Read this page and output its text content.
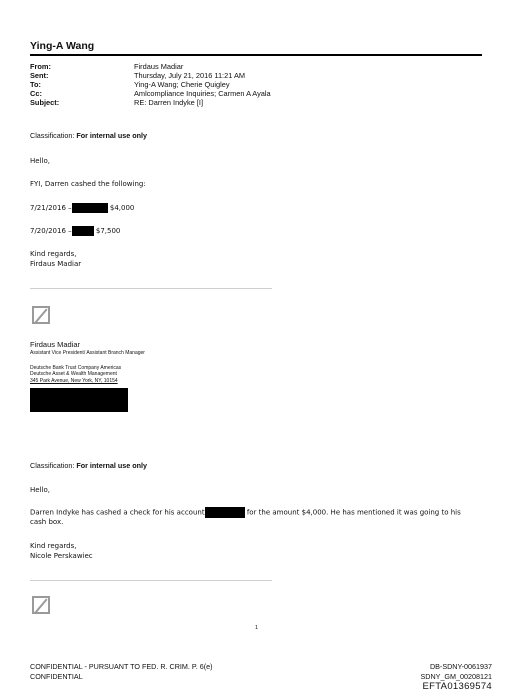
Ying-A Wang
From:	Firdaus Madiar
Sent:	Thursday, July 21, 2016 11:21 AM
To:	Ying-A Wang; Cherie Quigley
Cc:	Amlcompliance Inquiries; Carmen A Ayala
Subject:	RE: Darren Indyke [I]
Classification: For internal use only
Hello,
FYI, Darren cashed the following:
7/21/2016 –	$4,000
7/20/2016 –	$7,500
Kind regards,
Firdaus Madiar
Firdaus Madiar
Assistant Vice President/ Assistant Branch Manager
Deutsche Bank Trust Company Americas
Deutsche Asset & Wealth Management
345 Park Avenue, New York, NY, 10154
Classification: For internal use only
Hello,
Darren Indyke has cashed a check for his account	for the amount $4,000. He has mentioned it was going to his
cash box.
Kind regards,
Nicole Perskawiec
1
CONFIDENTIAL - PURSUANT TO FED. R. CRIM. P. 6(e)
CONFIDENTIAL
DB-SDNY-0061937
SDNY_GM_00208121
EFTA01369574
